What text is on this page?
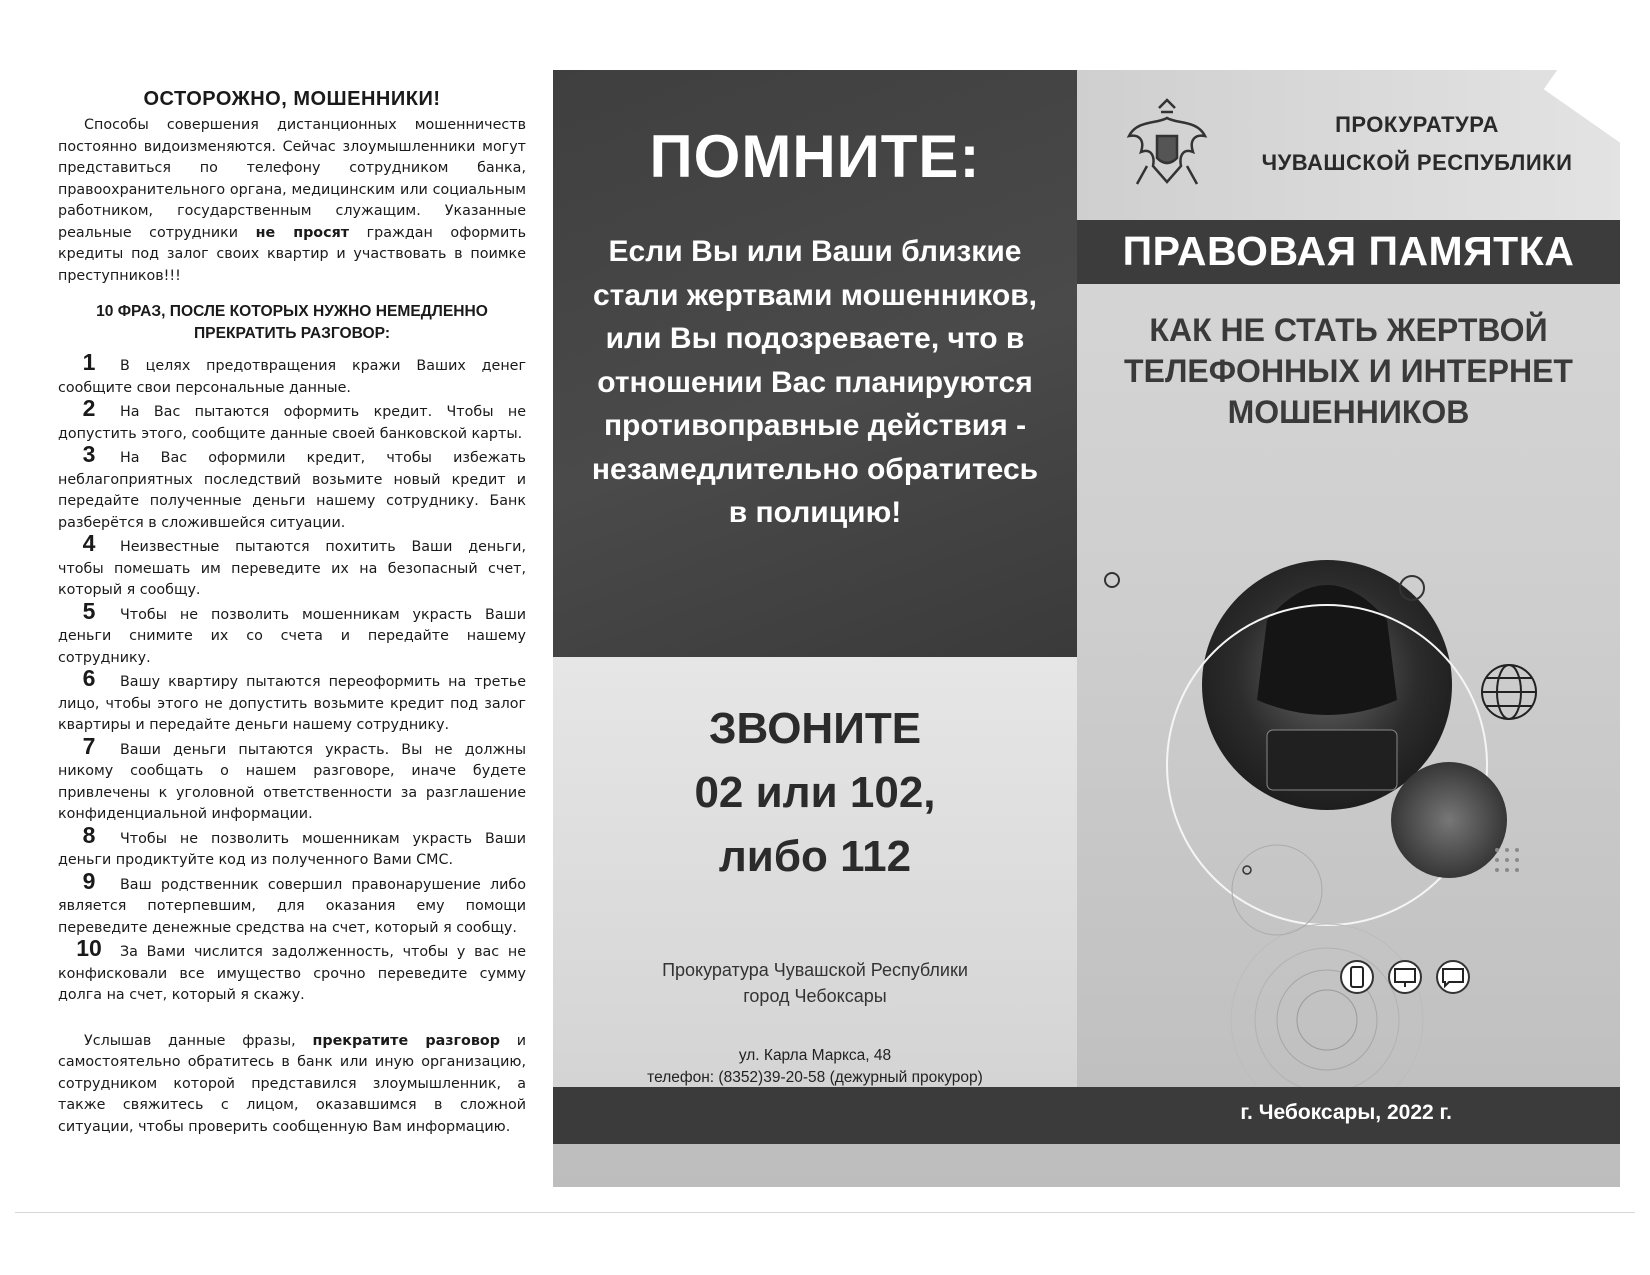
ОСТОРОЖНО, МОШЕННИКИ!

Способы совершения дистанционных мошенничеств постоянно видоизменяются. Сейчас злоумышленники могут представиться по телефону сотрудником банка, правоохранительного органа, медицинским или социальным работником, государственным служащим. Указанные реальные сотрудники не просят граждан оформить кредиты под залог своих квартир и участвовать в поимке преступников!!!

10 ФРАЗ, ПОСЛЕ КОТОРЫХ НУЖНО НЕМЕДЛЕННО ПРЕКРАТИТЬ РАЗГОВОР:

1 В целях предотвращения кражи Ваших денег сообщите свои персональные данные.

2 На Вас пытаются оформить кредит. Чтобы не допустить этого, сообщите данные своей банковской карты.

3 На Вас оформили кредит, чтобы избежать неблагоприятных последствий возьмите новый кредит и передайте полученные деньги нашему сотруднику. Банк разберётся в сложившейся ситуации.

4 Неизвестные пытаются похитить Ваши деньги, чтобы помешать им переведите их на безопасный счет, который я сообщу.

5 Чтобы не позволить мошенникам украсть Ваши деньги снимите их со счета и передайте нашему сотруднику.

6 Вашу квартиру пытаются переоформить на третье лицо, чтобы этого не допустить возьмите кредит под залог квартиры и передайте деньги нашему сотруднику.

7 Ваши деньги пытаются украсть. Вы не должны никому сообщать о нашем разговоре, иначе будете привлечены к уголовной ответственности за разглашение конфиденциальной информации.

8 Чтобы не позволить мошенникам украсть Ваши деньги продиктуйте код из полученного Вами СМС.

9 Ваш родственник совершил правонарушение либо является потерпевшим, для оказания ему помощи переведите денежные средства на счет, который я сообщу.

10 За Вами числится задолженность, чтобы у вас не конфисковали все имущество срочно переведите сумму долга на счет, который я скажу.

Услышав данные фразы, прекратите разговор и самостоятельно обратитесь в банк или иную организацию, сотрудником которой представился злоумышленник, а также свяжитесь с лицом, оказавшимся в сложной ситуации, чтобы проверить сообщенную Вам информацию.

ПОМНИТЕ:
Если Вы или Ваши близкие стали жертвами мошенников, или Вы подозреваете, что в отношении Вас планируются противоправные действия - незамедлительно обратитесь в полицию!
ЗВОНИТЕ
02 или 102,
либо 112
Прокуратура Чувашской Республики
город Чебоксары
ул. Карла Маркса, 48
телефон: (8352)39-20-58 (дежурный прокурор)
ПРОКУРАТУРА
ЧУВАШСКОЙ РЕСПУБЛИКИ
ПРАВОВАЯ ПАМЯТКА
КАК НЕ СТАТЬ ЖЕРТВОЙ
ТЕЛЕФОННЫХ И ИНТЕРНЕТ
МОШЕННИКОВ
г. Чебоксары, 2022 г.
